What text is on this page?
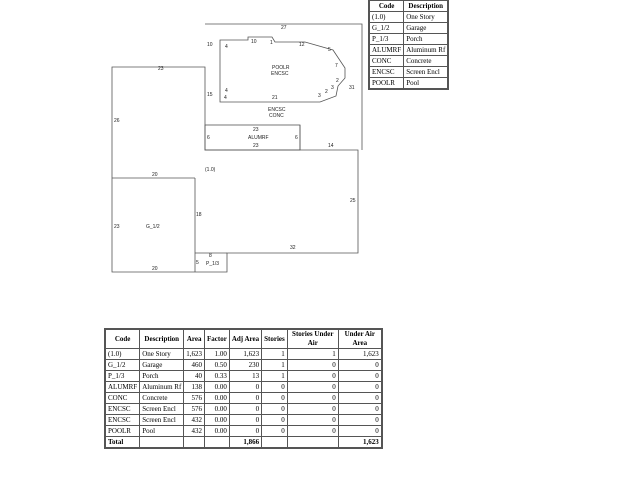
23
26
25
32
20
(1.0)
23
18
20
G_1/2
5
8
P_1/3
27
31
14
ENCSC
CONC
23
23
6	6
ALUMRF
POOLR
ENCSC
10	10
4
1	12
5
7
2
3
2
3
21
4
15 4
Code	Description
(1.0)	One Story
G_1/2	Garage
P_1/3	Porch
ALUMRF	Aluminum Rf
CONC	Concrete
ENCSC	Screen Encl
POOLR	Pool
Code	Description	Area	Factor	Adj Area	Stories	Stories Under Air	Under Air Area
(1.0)	One Story	1,623	1.00	1,623	1	1	1,623
G_1/2	Garage	460	0.50	230	1	0	0
P_1/3	Porch	40	0.33	13	1	0	0
ALUMRF	Aluminum Rf	138	0.00	0	0	0	0
CONC	Concrete	576	0.00	0	0	0	0
ENCSC	Screen Encl	576	0.00	0	0	0	0
ENCSC	Screen Encl	432	0.00	0	0	0	0
POOLR	Pool	432	0.00	0	0	0	0
Total				1,866			1,623
